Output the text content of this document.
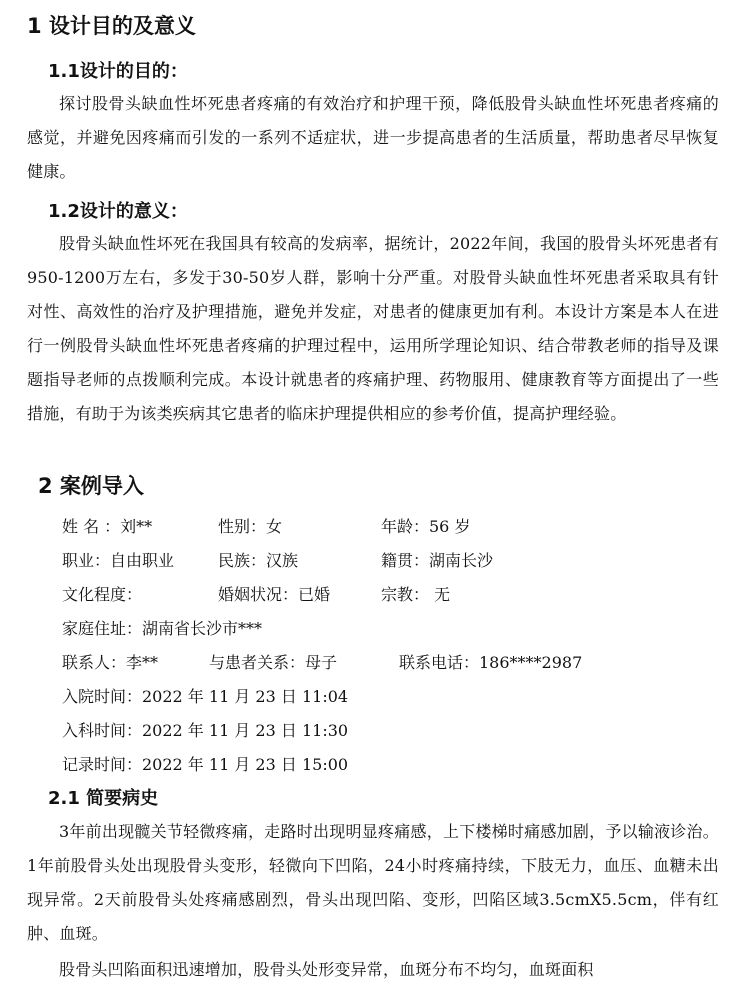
1 设计目的及意义
1.1设计的目的：

探讨股骨头缺血性坏死患者疼痛的有效治疗和护理干预，降低股骨头缺血性坏死患者疼痛的感觉，并避免因疼痛而引发的一系列不适症状，进一步提高患者的生活质量，帮助患者尽早恢复健康。

1.2设计的意义：

股骨头缺血性坏死在我国具有较高的发病率，据统计，2022年间，我国的股骨头坏死患者有950-1200万左右，多发于30-50岁人群，影响十分严重。对股骨头缺血性坏死患者采取具有针对性、高效性的治疗及护理措施，避免并发症，对患者的健康更加有利。本设计方案是本人在进行一例股骨头缺血性坏死患者疼痛的护理过程中，运用所学理论知识、结合带教老师的指导及课题指导老师的点拨顺利完成。本设计就患者的疼痛护理、药物服用、健康教育等方面提出了一些措施，有助于为该类疾病其它患者的临床护理提供相应的参考价值，提高护理经验。

2 案例导入
姓 名 ：刘**	性别：女	年龄：56 岁
职业：自由职业	民族：汉族	籍贯：湖南长沙
文化程度：	婚姻状况：已婚	宗教： 无
家庭住址：湖南省长沙市***
联系人：李**	与患者关系：母子	联系电话：186****2987
入院时间：2022 年 11 月 23 日 11:04
入科时间：2022 年 11 月 23 日 11:30
记录时间：2022 年 11 月 23 日 15:00
2.1 简要病史

3年前出现髋关节轻微疼痛，走路时出现明显疼痛感，上下楼梯时痛感加剧，予以输液诊治。1年前股骨头处出现股骨头变形，轻微向下凹陷，24小时疼痛持续，下肢无力，血压、血糖未出现异常。2天前股骨头处疼痛感剧烈，骨头出现凹陷、变形，凹陷区域3.5cmX5.5cm，伴有红肿、血斑。

股骨头凹陷面积迅速增加，股骨头处形变异常，血斑分布不均匀，血斑面积
